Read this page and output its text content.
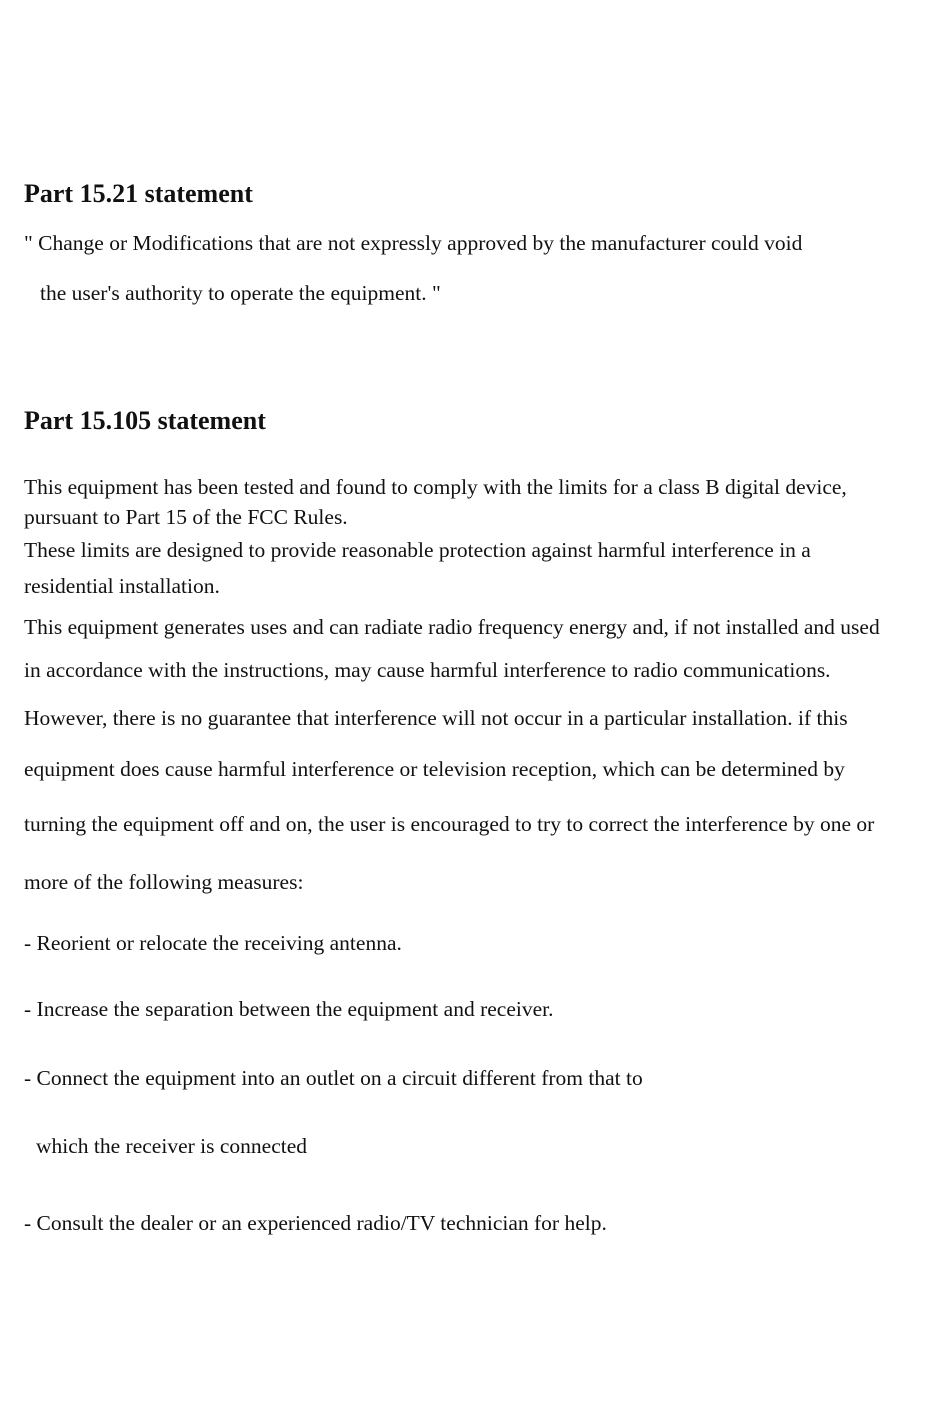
Part 15.21 statement

" Change or Modifications that are not expressly approved by the manufacturer could void

the user's authority to operate the equipment. "

Part 15.105 statement

This equipment has been tested and found to comply with the limits for a class B digital device,

pursuant to Part 15 of the FCC Rules.

These limits are designed to provide reasonable protection against harmful interference in a

residential installation.

This equipment generates uses and can radiate radio frequency energy and, if not installed and used

in accordance with the instructions, may cause harmful interference to radio communications.

However, there is no guarantee that interference will not occur in a particular installation. if this

equipment does cause harmful interference or television reception, which can be determined by

turning the equipment off and on, the user is encouraged to try to correct the interference by one or

more of the following measures:

- Reorient or relocate the receiving antenna.

- Increase the separation between the equipment and receiver.

- Connect the equipment into an outlet on a circuit different from that to

which the receiver is connected

- Consult the dealer or an experienced radio/TV technician for help.
